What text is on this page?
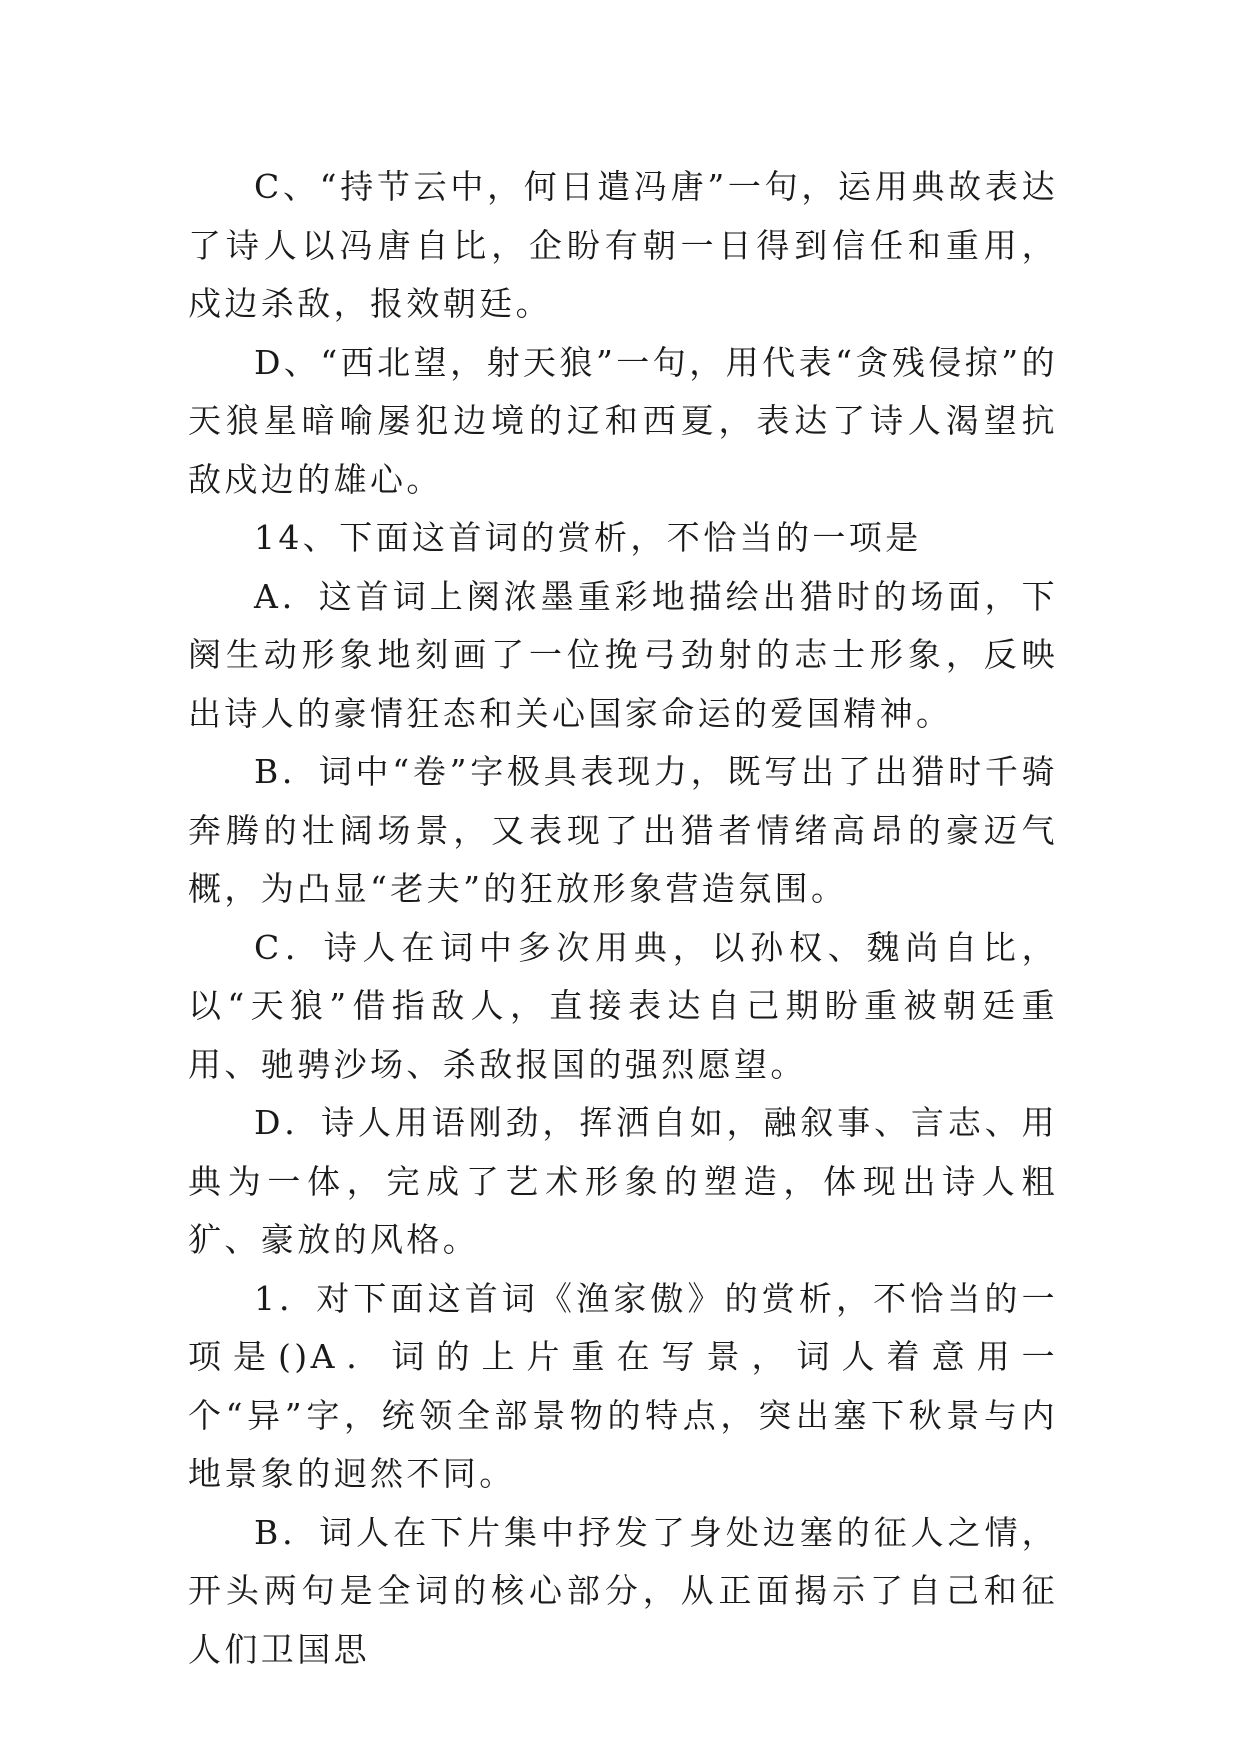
C、“持节云中，何日遣冯唐”一句，运用典故表达了诗人以冯唐自比，企盼有朝一日得到信任和重用，戍边杀敌，报效朝廷。

D、“西北望，射天狼”一句，用代表“贪残侵掠”的天狼星暗喻屡犯边境的辽和西夏，表达了诗人渴望抗敌戍边的雄心。

14、下面这首词的赏析，不恰当的一项是

A．这首词上阕浓墨重彩地描绘出猎时的场面，下阕生动形象地刻画了一位挽弓劲射的志士形象，反映出诗人的豪情狂态和关心国家命运的爱国精神。

B．词中“卷”字极具表现力，既写出了出猎时千骑奔腾的壮阔场景，又表现了出猎者情绪高昂的豪迈气概，为凸显“老夫”的狂放形象营造氛围。

C．诗人在词中多次用典，以孙权、魏尚自比，以“天狼”借指敌人，直接表达自己期盼重被朝廷重用、驰骋沙场、杀敌报国的强烈愿望。

D．诗人用语刚劲，挥洒自如，融叙事、言志、用典为一体，完成了艺术形象的塑造，体现出诗人粗犷、豪放的风格。

1．对下面这首词《渔家傲》的赏析，不恰当的一项是()A．词的上片重在写景，词人着意用一个“异”字，统领全部景物的特点，突出塞下秋景与内地景象的迥然不同。

B．词人在下片集中抒发了身处边塞的征人之情，开头两句是全词的核心部分，从正面揭示了自己和征人们卫国思
